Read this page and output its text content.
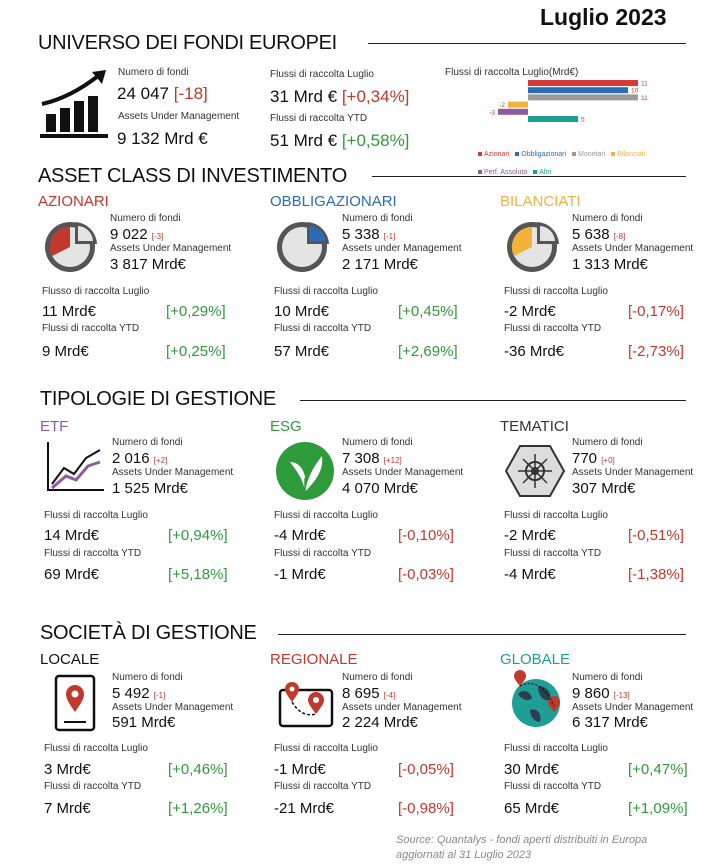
Luglio 2023
UNIVERSO DEI FONDI EUROPEI
Numero di fondi
24 047 [-18]
Assets Under Management
9 132 Mrd €
Flussi di raccolta Luglio
31 Mrd € [+0,34%]
Flussi di raccolta YTD
51 Mrd € [+0,58%]
Flussi di raccolta Luglio(Mrd€)
11
10
11
-2
-3
5
Azionari Obbligazionari Monetari BilanciatiPerf. Assoluta Altri
ASSET CLASS DI INVESTIMENTO
TIPOLOGIE DI GESTIONE
SOCIETÀ DI GESTIONE
AZIONARI
Numero di fondi
9 022 [-3]
Assets Under Management
3 817 Mrd€
Flusso di raccolta Luglio
11 Mrd€	[+0,29%]
Flussi di raccolta YTD
9 Mrd€	[+0,25%]
OBBLIGAZIONARI
Numero di fondi
5 338 [-1]
Assets under Management
2 171 Mrd€
Flussi di raccolta Luglio
10 Mrd€	[+0,45%]
Flussi di raccolta YTD
57 Mrd€	[+2,69%]
BILANCIATI
Numero di fondi
5 638 [-8]
Assets Under Management
1 313 Mrd€
Flussi di raccolta Luglio
-2 Mrd€	[-0,17%]
Flussi di raccolta YTD
-36 Mrd€	[-2,73%]
ETF
Numero di fondi
2 016 [+2]
Assets Under Management
1 525 Mrd€
Flussi di raccolta Luglio
14 Mrd€	[+0,94%]
Flussi di raccolta YTD
69 Mrd€	[+5,18%]
ESG
Numero di fondi
7 308 [+12]
Assets Under Management
4 070 Mrd€
Flussi di raccolta Luglio
-4 Mrd€	[-0,10%]
Flussi di raccolta YTD
-1 Mrd€	[-0,03%]
TEMATICI
Numero di fondi
770 [+0]
Assets Under Management
307 Mrd€
Flussi di raccolta Luglio
-2 Mrd€	[-0,51%]
Flussi di raccolta YTD
-4 Mrd€	[-1,38%]
LOCALE
Numero di fondi
5 492 [-1]
Assets Under Management
591 Mrd€
Flussi di raccolta Luglio
3 Mrd€	[+0,46%]
Flussi di raccolta YTD
7 Mrd€	[+1,26%]
REGIONALE
Numero di fondi
8 695 [-4]
Assets under Management
2 224 Mrd€
Flussi di raccolta Luglio
-1 Mrd€	[-0,05%]
Flussi di raccolta YTD
-21 Mrd€	[-0,98%]
GLOBALE
Numero di fondi
9 860 [-13]
Assets Under Management
6 317 Mrd€
Flussi di raccolta Luglio
30 Mrd€	[+0,47%]
Flussi di raccolta YTD
65 Mrd€	[+1,09%]
Source: Quantalys - fondi aperti distribuiti in Europa
aggiornati al 31 Luglio 2023
